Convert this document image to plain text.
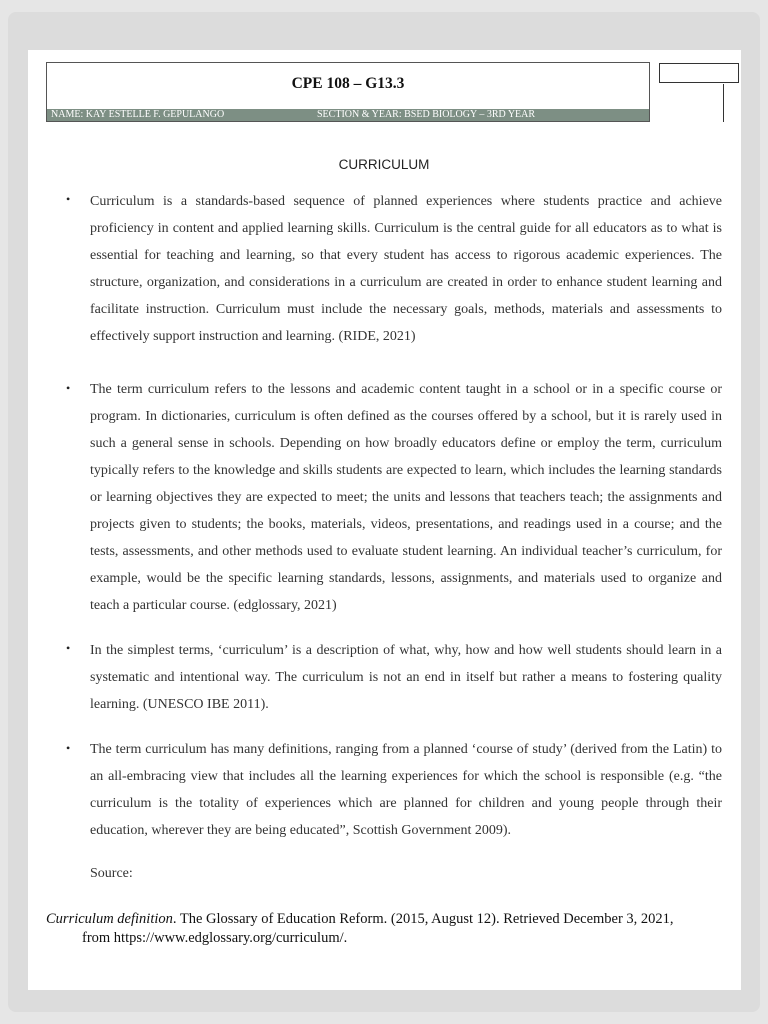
CPE 108 – G13.3
NAME: KAY ESTELLE F. GEPULANGO	SECTION & YEAR: BSED BIOLOGY – 3RD YEAR
CURRICULUM
• Curriculum is a standards-based sequence of planned experiences where students practice and achieve proficiency in content and applied learning skills. Curriculum is the central guide for all educators as to what is essential for teaching and learning, so that every student has access to rigorous academic experiences. The structure, organization, and considerations in a curriculum are created in order to enhance student learning and facilitate instruction. Curriculum must include the necessary goals, methods, materials and assessments to effectively support instruction and learning. (RIDE, 2021)
• The term curriculum refers to the lessons and academic content taught in a school or in a specific course or program. In dictionaries, curriculum is often defined as the courses offered by a school, but it is rarely used in such a general sense in schools. Depending on how broadly educators define or employ the term, curriculum typically refers to the knowledge and skills students are expected to learn, which includes the learning standards or learning objectives they are expected to meet; the units and lessons that teachers teach; the assignments and projects given to students; the books, materials, videos, presentations, and readings used in a course; and the tests, assessments, and other methods used to evaluate student learning. An individual teacher’s curriculum, for example, would be the specific learning standards, lessons, assignments, and materials used to organize and teach a particular course. (edglossary, 2021)
• In the simplest terms, ‘curriculum’ is a description of what, why, how and how well students should learn in a systematic and intentional way. The curriculum is not an end in itself but rather a means to fostering quality learning. (UNESCO IBE 2011).
• The term curriculum has many definitions, ranging from a planned ‘course of study’ (derived from the Latin) to an all-embracing view that includes all the learning experiences for which the school is responsible (e.g. “the curriculum is the totality of experiences which are planned for children and young people through their education, wherever they are being educated”, Scottish Government 2009).
Source:
Curriculum definition. The Glossary of Education Reform. (2015, August 12). Retrieved December 3, 2021,
from https://www.edglossary.org/curriculum/.
